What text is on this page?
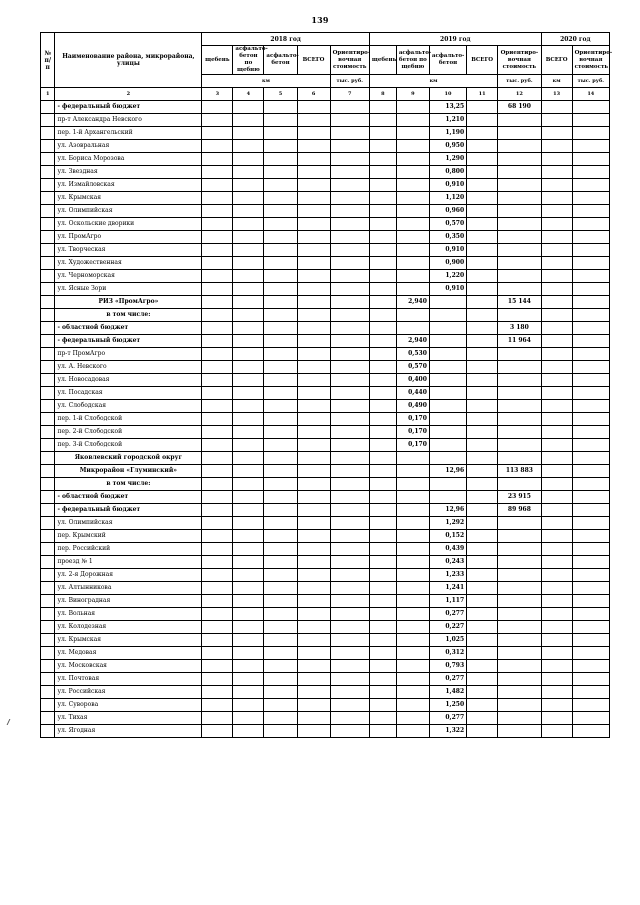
139
№ п/п	Наименование района, микрорайона, улицы	2018 год					2019 год					2020 год	
		щебень	асфальто-бетон по щебню	асфальто-бетон	ВСЕГО	Ориентиро-вочная стоимость	щебень	асфальто-бетон по щебню	асфальто-бетон	ВСЕГО	Ориентиро-вочная стоимость	ВСЕГО	Ориентиро-вочная стоимость
		км				тыс. руб.	км				тыс. руб.	км	тыс. руб.
1	2	3	4	5	6	7	8	9	10	11	12	13	14
	- федеральный бюджет								13,25		68 190		
	пр-т Александра Невского								1,210				
	пер. 1-й Архангельский								1,190				
	ул. Азовральная								0,950				
	ул. Бориса Морозова								1,290				
	ул. Звездная								0,800				
	ул. Измайловская								0,910				
	ул. Крымская								1,120				
	ул. Олимпийская								0,960				
	ул. Оскольские дворики								0,570				
	ул. ПромАгро								0,350				
	ул. Творческая								0,910				
	ул. Художественная								0,900				
	ул. Черноморская								1,220				
	ул. Ясные Зори								0,910				
	РИЗ «ПромАгро»							2,940			15 144		
	в том числе:												
	- областной бюджет										3 180		
	- федеральный бюджет							2,940			11 964		
	пр-т ПромАгро							0,530					
	ул. А. Невского							0,570					
	ул. Новосадовая							0,400					
	ул. Посадская							0,440					
	ул. Слободская							0,490					
	пер. 1-й Слободской							0,170					
	пер. 2-й Слободской							0,170					
	пер. 3-й Слободской							0,170					
	Яковлевский городской округ												
	Микрорайон «Глуминский»								12,96		113 883		
	в том числе:												
	- областной бюджет										23 915		
	- федеральный бюджет								12,96		89 968		
	ул. Олимпийская								1,292				
	пер. Крымский								0,152				
	пер. Российский								0,439				
	проезд № 1								0,243				
	ул. 2-я Дорожная								1,233				
	ул. Алтынникова								1,241				
	ул. Виноградная								1,117				
	ул. Вольная								0,277				
	ул. Колодезная								0,227				
	ул. Крымская								1,025				
	ул. Медовая								0,312				
	ул. Московская								0,793				
	ул. Почтовая								0,277				
	ул. Российская								1,482				
	ул. Суворова								1,250				
	ул. Тихая								0,277				
	ул. Ягодная								1,322				
